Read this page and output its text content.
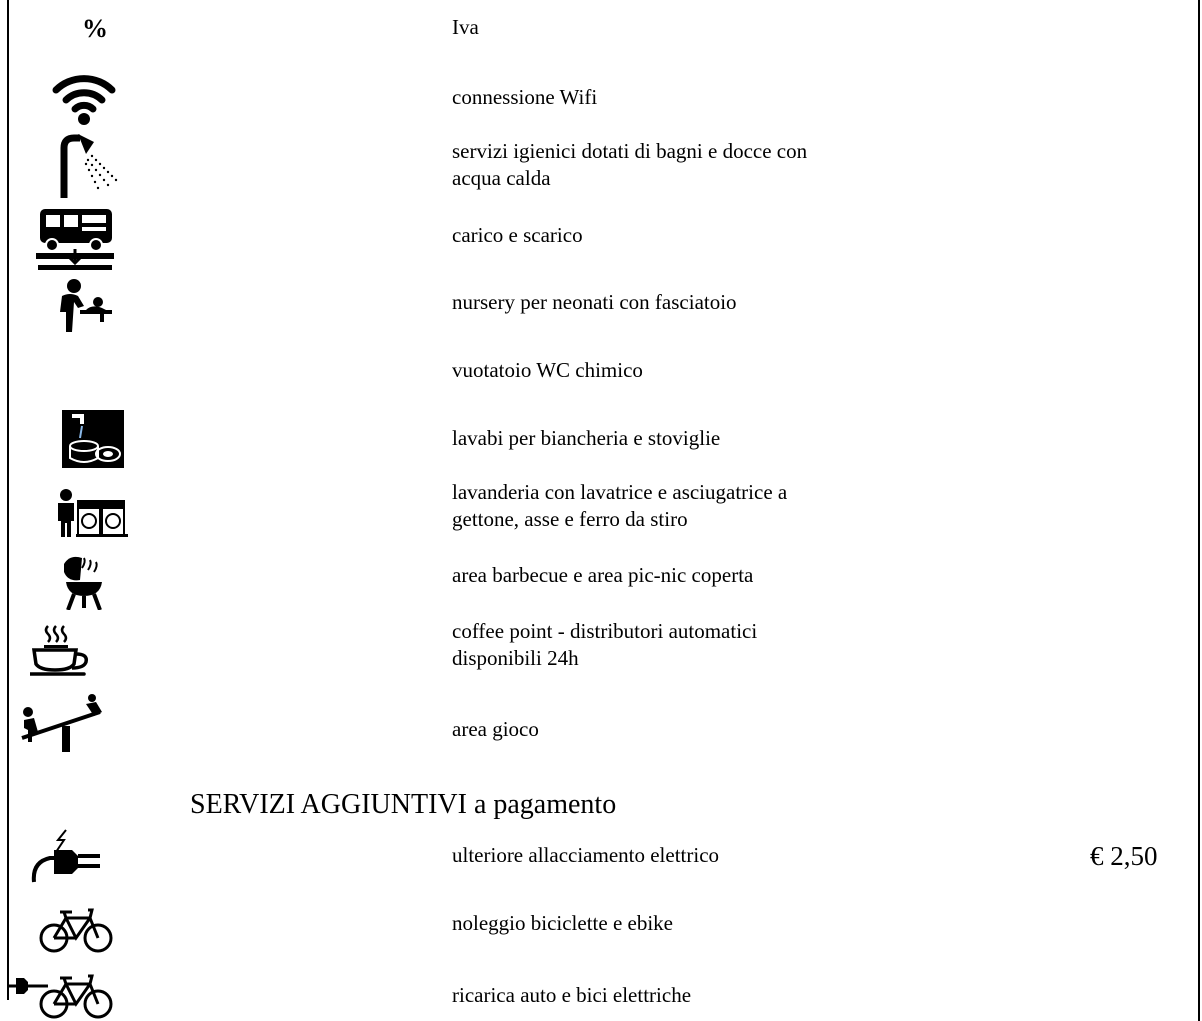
%	Iva
connessione Wifi
servizi igienici dotati di bagni e docce con
acqua calda
carico e scarico
nursery per neonati con fasciatoio
vuotatoio WC chimico
lavabi per biancheria e stoviglie
lavanderia con lavatrice e asciugatrice a
gettone, asse e ferro da stiro
area barbecue e area pic-nic coperta
coffee point - distributori automatici
disponibili 24h
area gioco
SERVIZI AGGIUNTIVI a pagamento
ulteriore allacciamento elettrico	€ 2,50
noleggio biciclette e ebike
ricarica auto e bici elettriche
